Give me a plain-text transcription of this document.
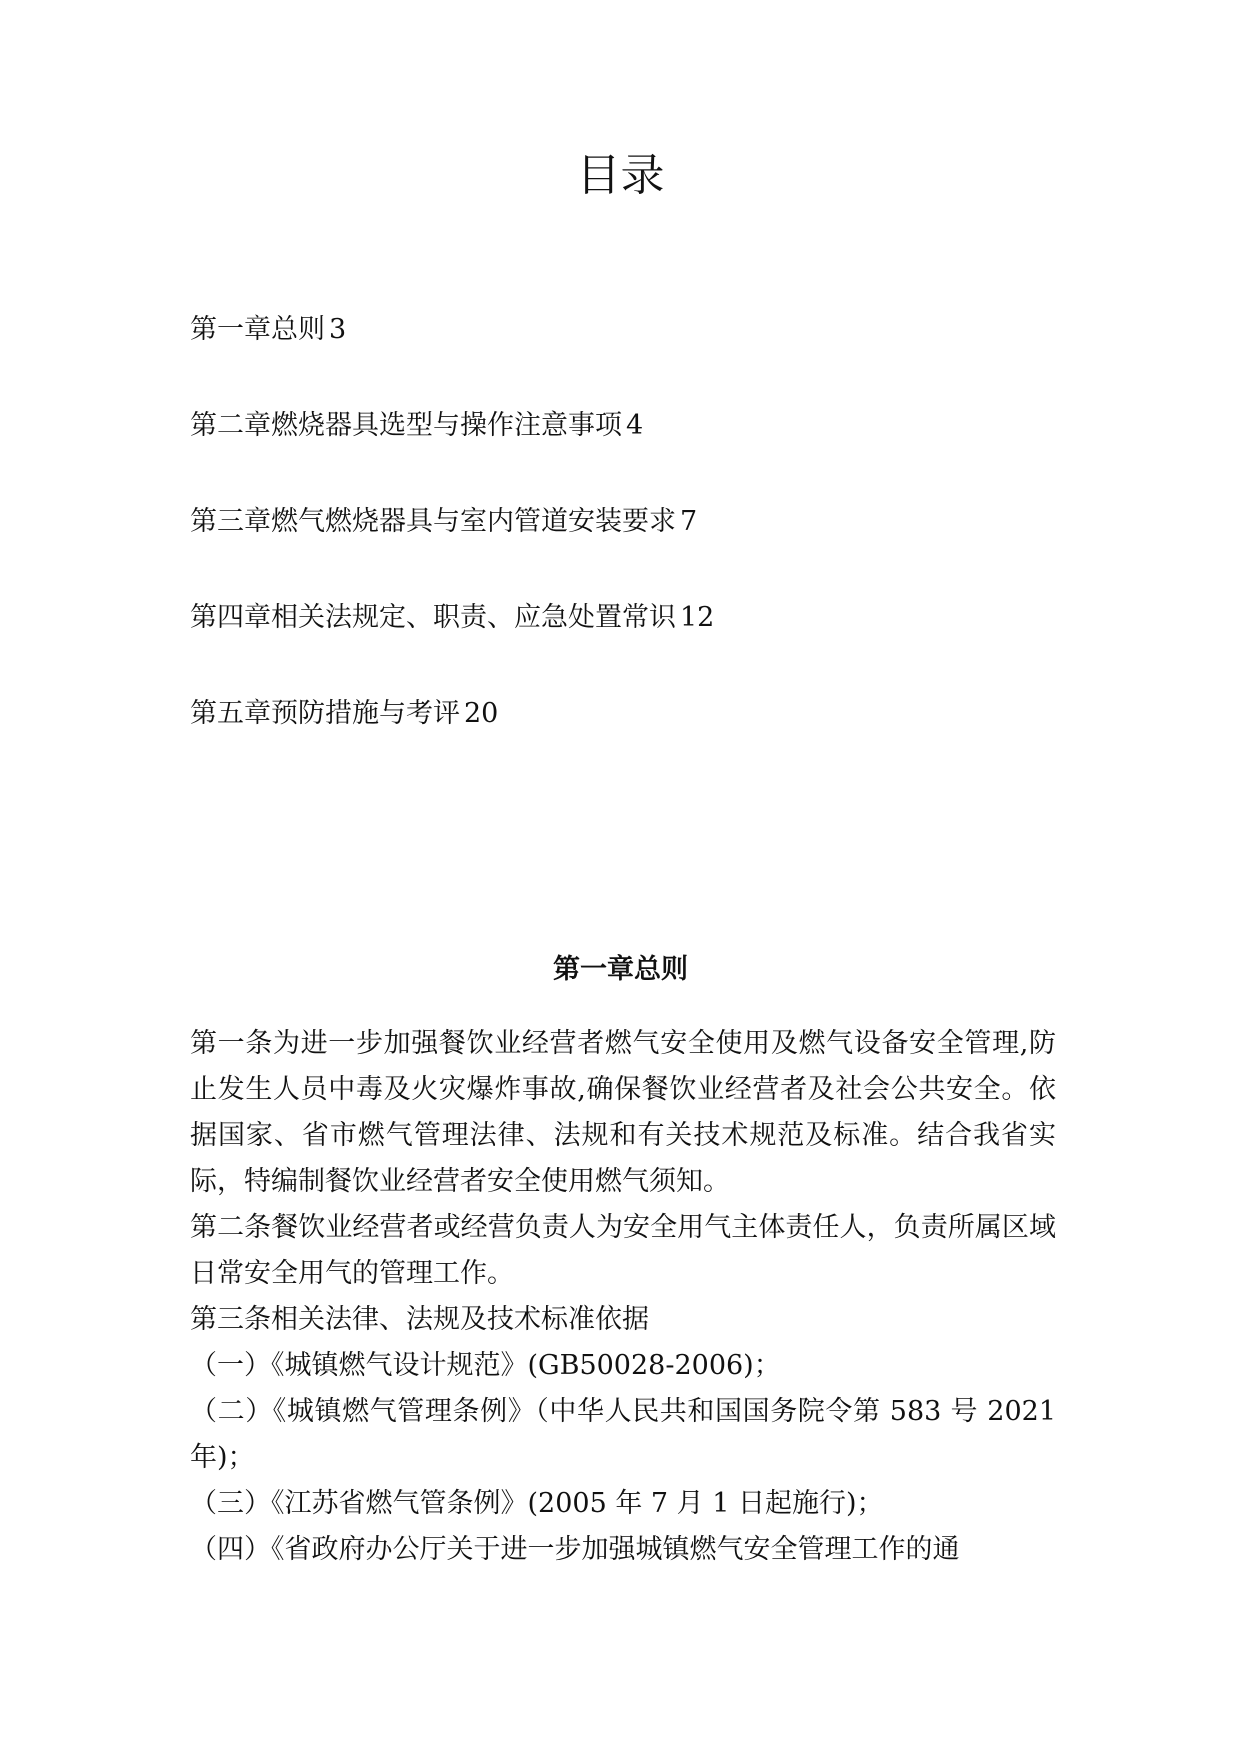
目录
第一章总则 3
第二章燃烧器具选型与操作注意事项 4
第三章燃气燃烧器具与室内管道安装要求 7
第四章相关法规定、职责、应急处置常识 12
第五章预防措施与考评 20
第一章总则

第一条为进一步加强餐饮业经营者燃气安全使用及燃气设备安全管理,防止发生人员中毒及火灾爆炸事故,确保餐饮业经营者及社会公共安全。依据国家、省市燃气管理法律、法规和有关技术规范及标准。结合我省实际，特编制餐饮业经营者安全使用燃气须知。

第二条餐饮业经营者或经营负责人为安全用气主体责任人，负责所属区域日常安全用气的管理工作。

第三条相关法律、法规及技术标准依据

（一）《城镇燃气设计规范》(GB50028-2006)；

（二）《城镇燃气管理条例》（中华人民共和国国务院令第 583 号 2021 年)；

（三）《江苏省燃气管条例》(2005 年 7 月 1 日起施行)；

（四）《省政府办公厅关于进一步加强城镇燃气安全管理工作的通
